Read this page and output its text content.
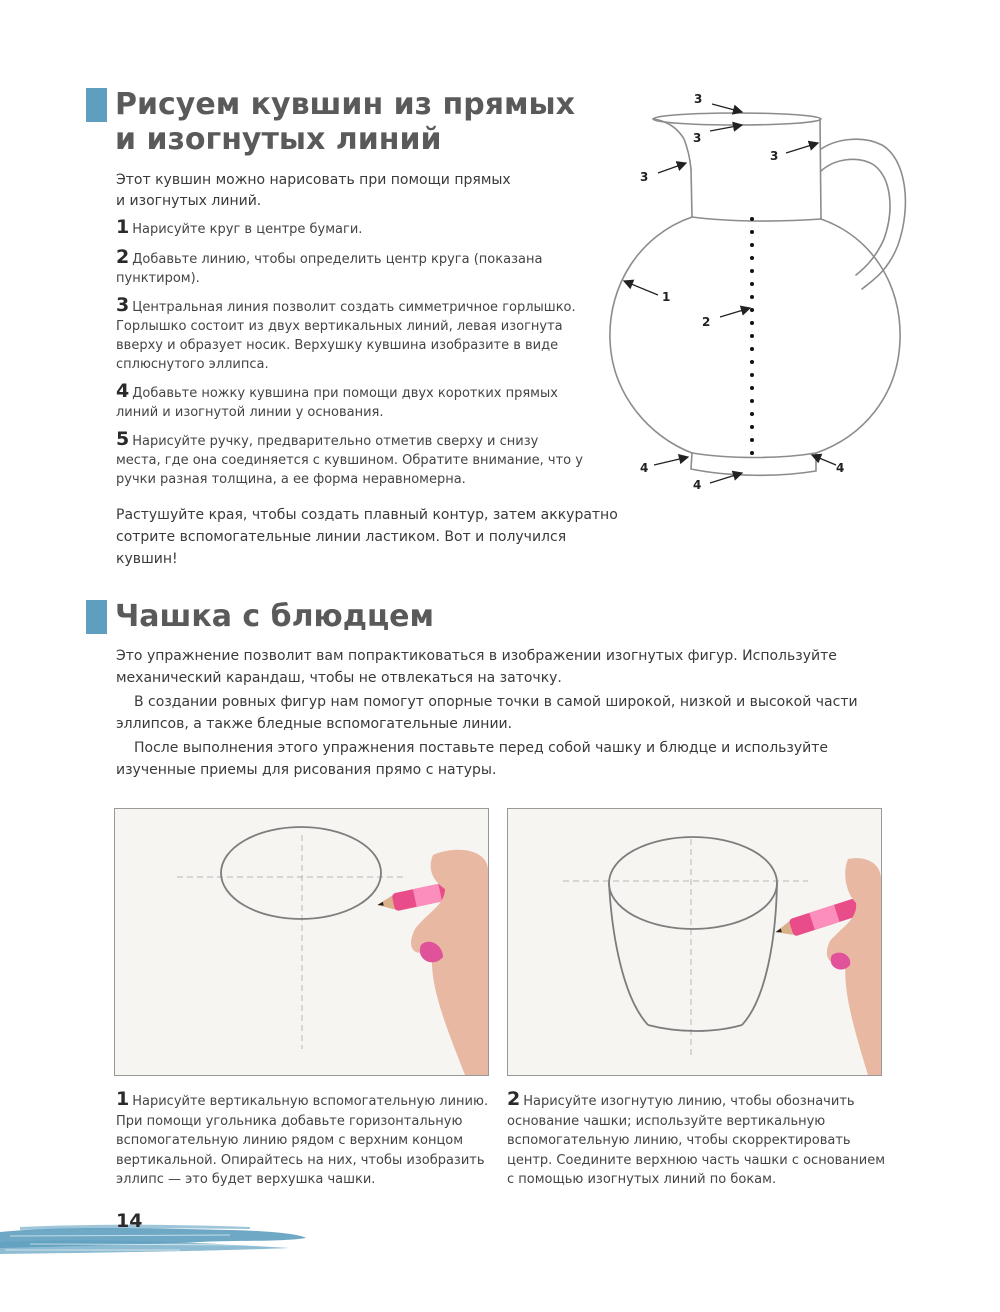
Рисуем кувшин из прямых
и изогнутых линий

Этот кувшин можно нарисовать при помощи прямых

и изогнутых линий.

1 Нарисуйте круг в центре бумаги.
2 Добавьте линию, чтобы определить центр круга (показана пунктиром).
3 Центральная линия позволит создать симметричное горлышко. Горлышко состоит из двух вертикальных линий, левая изогнута вверху и образует носик. Верхушку кувшина изобразите в виде сплюснутого эллипса.
4 Добавьте ножку кувшина при помощи двух коротких прямых линий и изогнутой линии у основания.
5 Нарисуйте ручку, предварительно отметив сверху и снизу места, где она соединяется с кувшином. Обратите внимание, что у ручки разная толщина, а ее форма неравномерна.

Растушуйте края, чтобы создать плавный контур, затем аккуратно

сотрите вспомогательные линии ластиком. Вот и получился

кувшин!

3
3
3
3
1
2
4	4
4
Чашка с блюдцем

Это упражнение позволит вам попрактиковаться в изображении изогнутых фигур. Используйте

механический карандаш, чтобы не отвлекаться на заточку.

В создании ровных фигур нам помогут опорные точки в самой широкой, низкой и высокой части

эллипсов, а также бледные вспомогательные линии.

После выполнения этого упражнения поставьте перед собой чашку и блюдце и используйте

изученные приемы для рисования прямо с натуры.

1 Нарисуйте вертикальную вспомогательную линию. При помощи угольника добавьте горизонтальную вспомогательную линию рядом с верхним концом вертикальной. Опирайтесь на них, чтобы изобразить эллипс — это будет верхушка чашки.
2 Нарисуйте изогнутую линию, чтобы обозначить основание чашки; используйте вертикальную вспомогательную линию, чтобы скорректировать центр. Соедините верхнюю часть чашки с основанием с помощью изогнутых линий по бокам.

14
